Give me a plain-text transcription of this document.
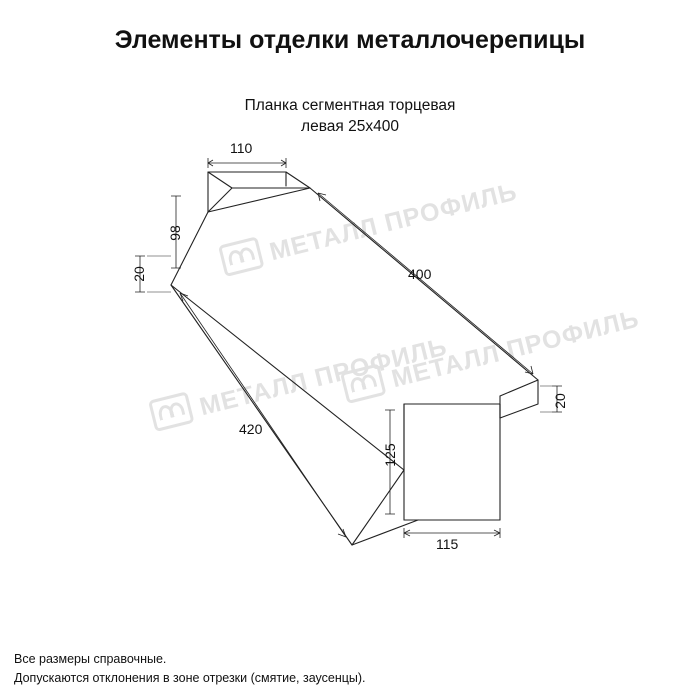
Элементы отделки металлочерепицы
Планка сегментная торцевая
левая 25x400
МЕТАЛЛ ПРОФИЛЬ
МЕТАЛЛ ПРОФИЛЬ
МЕТАЛЛ ПРОФИЛЬ
110
98
20	400
420
125
20
115
Все размеры справочные.
Допускаются отклонения в зоне отрезки (смятие, заусенцы).
